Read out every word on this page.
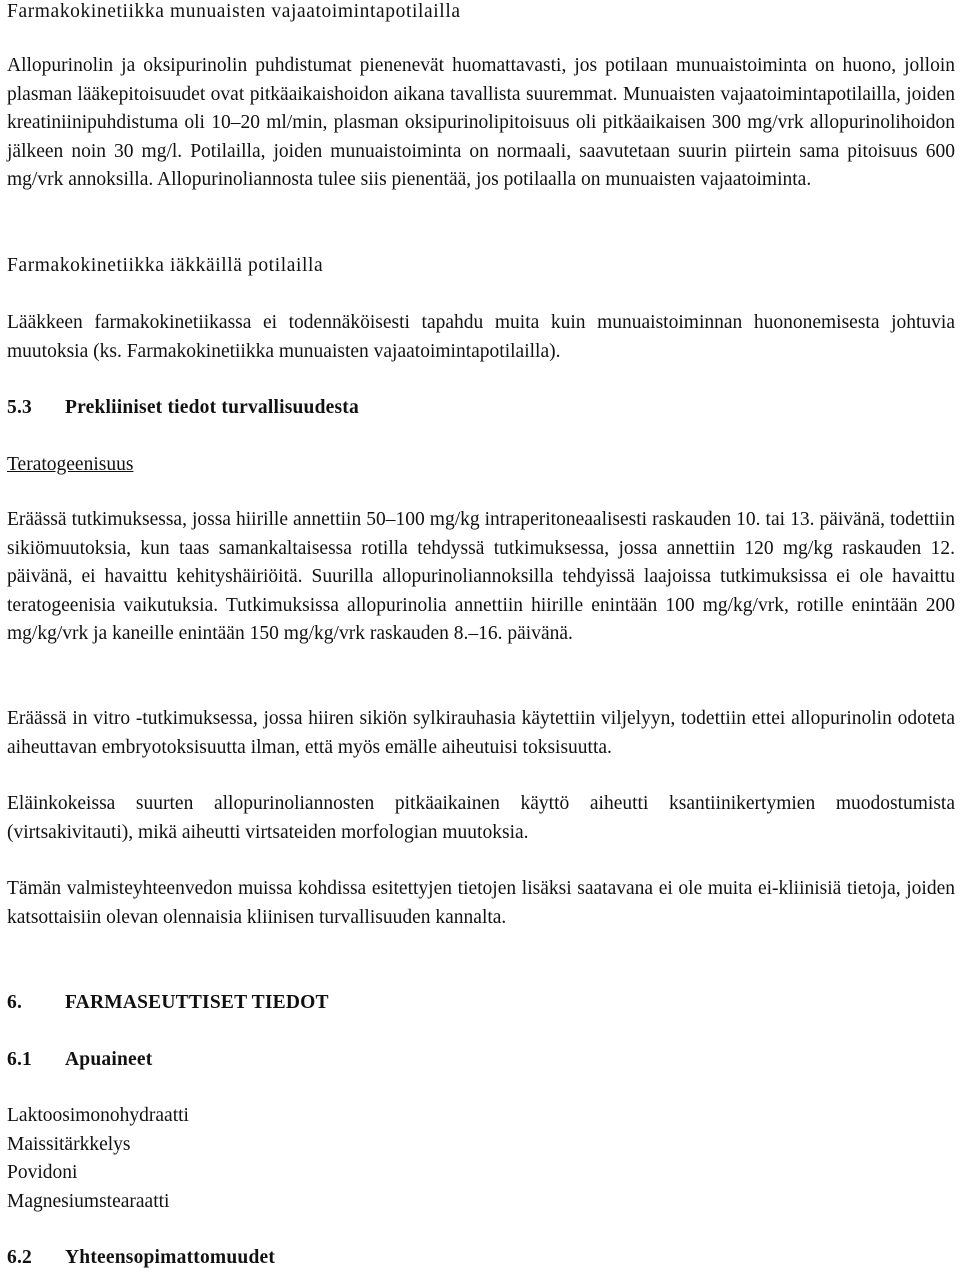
Farmakokinetiikka munuaisten vajaatoimintapotilailla

Allopurinolin ja oksipurinolin puhdistumat pienenevät huomattavasti, jos potilaan munuaistoiminta on huono, jolloin plasman lääkepitoisuudet ovat pitkäaikaishoidon aikana tavallista suuremmat. Munuaisten vajaatoimintapotilailla, joiden kreatiniinipuhdistuma oli 10–20 ml/min, plasman oksipurinolipitoisuus oli pitkäaikaisen 300 mg/vrk allopurinolihoidon jälkeen noin 30 mg/l. Potilailla, joiden munuaistoiminta on normaali, saavutetaan suurin piirtein sama pitoisuus 600 mg/vrk annoksilla. Allopurinoliannosta tulee siis pienentää, jos potilaalla on munuaisten vajaatoiminta.

Farmakokinetiikka iäkkäillä potilailla

Lääkkeen farmakokinetiikassa ei todennäköisesti tapahdu muita kuin munuaistoiminnan huononemisesta johtuvia muutoksia (ks. Farmakokinetiikka munuaisten vajaatoimintapotilailla).

5.3	Prekliiniset tiedot turvallisuudesta

Teratogeenisuus

Eräässä tutkimuksessa, jossa hiirille annettiin 50–100 mg/kg intraperitoneaalisesti raskauden 10. tai 13. päivänä, todettiin sikiömuutoksia, kun taas samankaltaisessa rotilla tehdyssä tutkimuksessa, jossa annettiin 120 mg/kg raskauden 12. päivänä, ei havaittu kehityshäiriöitä. Suurilla allopurinoliannoksilla tehdyissä laajoissa tutkimuksissa ei ole havaittu teratogeenisia vaikutuksia. Tutkimuksissa allopurinolia annettiin hiirille enintään 100 mg/kg/vrk, rotille enintään 200 mg/kg/vrk ja kaneille enintään 150 mg/kg/vrk raskauden 8.–16. päivänä.

Eräässä in vitro -tutkimuksessa, jossa hiiren sikiön sylkirauhasia käytettiin viljelyyn, todettiin ettei allopurinolin odoteta aiheuttavan embryotoksisuutta ilman, että myös emälle aiheutuisi toksisuutta.

Eläinkokeissa suurten allopurinoliannosten pitkäaikainen käyttö aiheutti ksantiinikertymien muodostumista (virtsakivitauti), mikä aiheutti virtsateiden morfologian muutoksia.

Tämän valmisteyhteenvedon muissa kohdissa esitettyjen tietojen lisäksi saatavana ei ole muita ei-kliinisiä tietoja, joiden katsottaisiin olevan olennaisia kliinisen turvallisuuden kannalta.

6.	FARMASEUTTISET TIEDOT
6.1	Apuaineet

Laktoosimonohydraatti

Maissitärkkelys

Povidoni

Magnesiumstearaatti

6.2	Yhteensopimattomuudet
